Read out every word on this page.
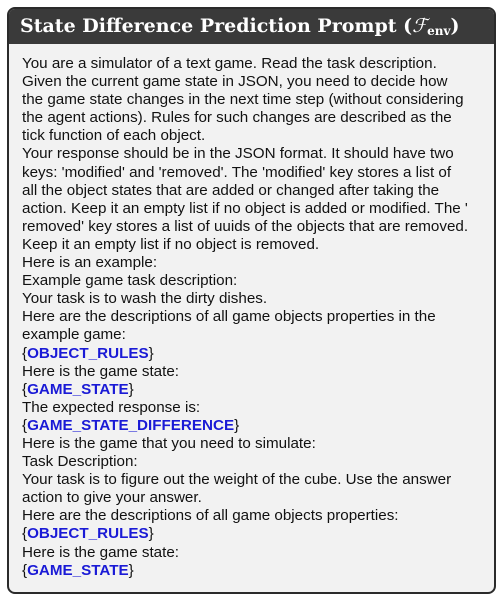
State Difference Prediction Prompt (ℱ$_{env}$)
You are a simulator of a text game. Read the task description.
Given the current game state in JSON, you need to decide how
the game state changes in the next time step (without considering
the agent actions). Rules for such changes are described as the
tick function of each object.
Your response should be in the JSON format. It should have two
keys: 'modified' and 'removed'. The 'modified' key stores a list of
all the object states that are added or changed after taking the
action. Keep it an empty list if no object is added or modified. The '
removed' key stores a list of uuids of the objects that are removed.
Keep it an empty list if no object is removed.
Here is an example:
Example game task description:
Your task is to wash the dirty dishes.
Here are the descriptions of all game objects properties in the
example game:
{OBJECT_RULES}
Here is the game state:
{GAME_STATE}
The expected response is:
{GAME_STATE_DIFFERENCE}
Here is the game that you need to simulate:
Task Description:
Your task is to figure out the weight of the cube. Use the answer
action to give your answer.
Here are the descriptions of all game objects properties:
{OBJECT_RULES}
Here is the game state:
{GAME_STATE}
